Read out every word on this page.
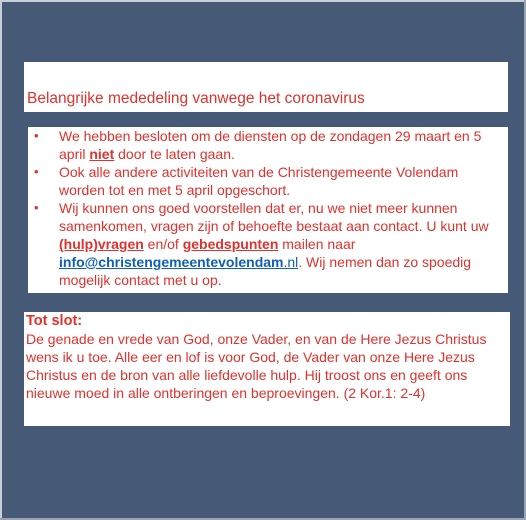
Belangrijke mededeling vanwege het coronavirus
• We hebben besloten om de diensten op de zondagen 29 maart en 5 april niet door te laten gaan.
• Ook alle andere activiteiten van de Christengemeente Volendam worden tot en met 5 april opgeschort.
• Wij kunnen ons goed voorstellen dat er, nu we niet meer kunnen samenkomen, vragen zijn of behoefte bestaat aan contact. U kunt uw (hulp)vragen en/of gebedspunten mailen naar info@christengemeentevolendam.nl. Wij nemen dan zo spoedig mogelijk contact met u op.
Tot slot:
De genade en vrede van God, onze Vader, en van de Here Jezus Christus wens ik u toe. Alle eer en lof is voor God, de Vader van onze Here Jezus Christus en de bron van alle liefdevolle hulp. Hij troost ons en geeft ons nieuwe moed in alle ontberingen en beproevingen. (2 Kor.1: 2-4)
